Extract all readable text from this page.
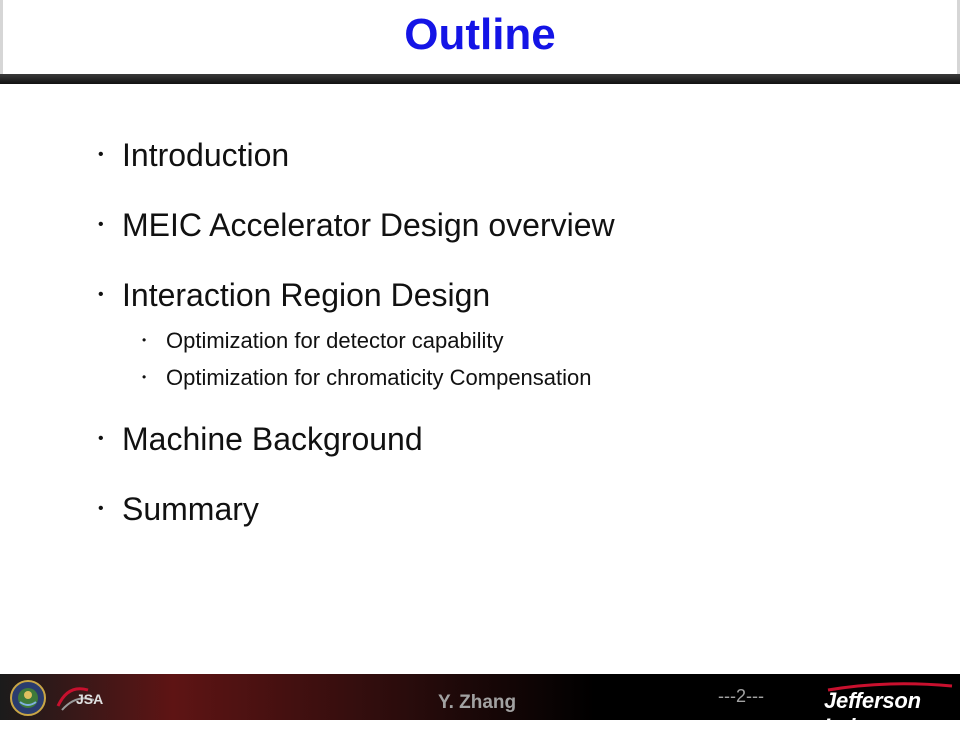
Outline
• Introduction
• MEIC Accelerator Design overview
• Interaction Region Design
• Optimization for detector capability
• Optimization for chromaticity Compensation
• Machine Background
• Summary
JSA	Y. Zhang	---2---	Jefferson Lab
